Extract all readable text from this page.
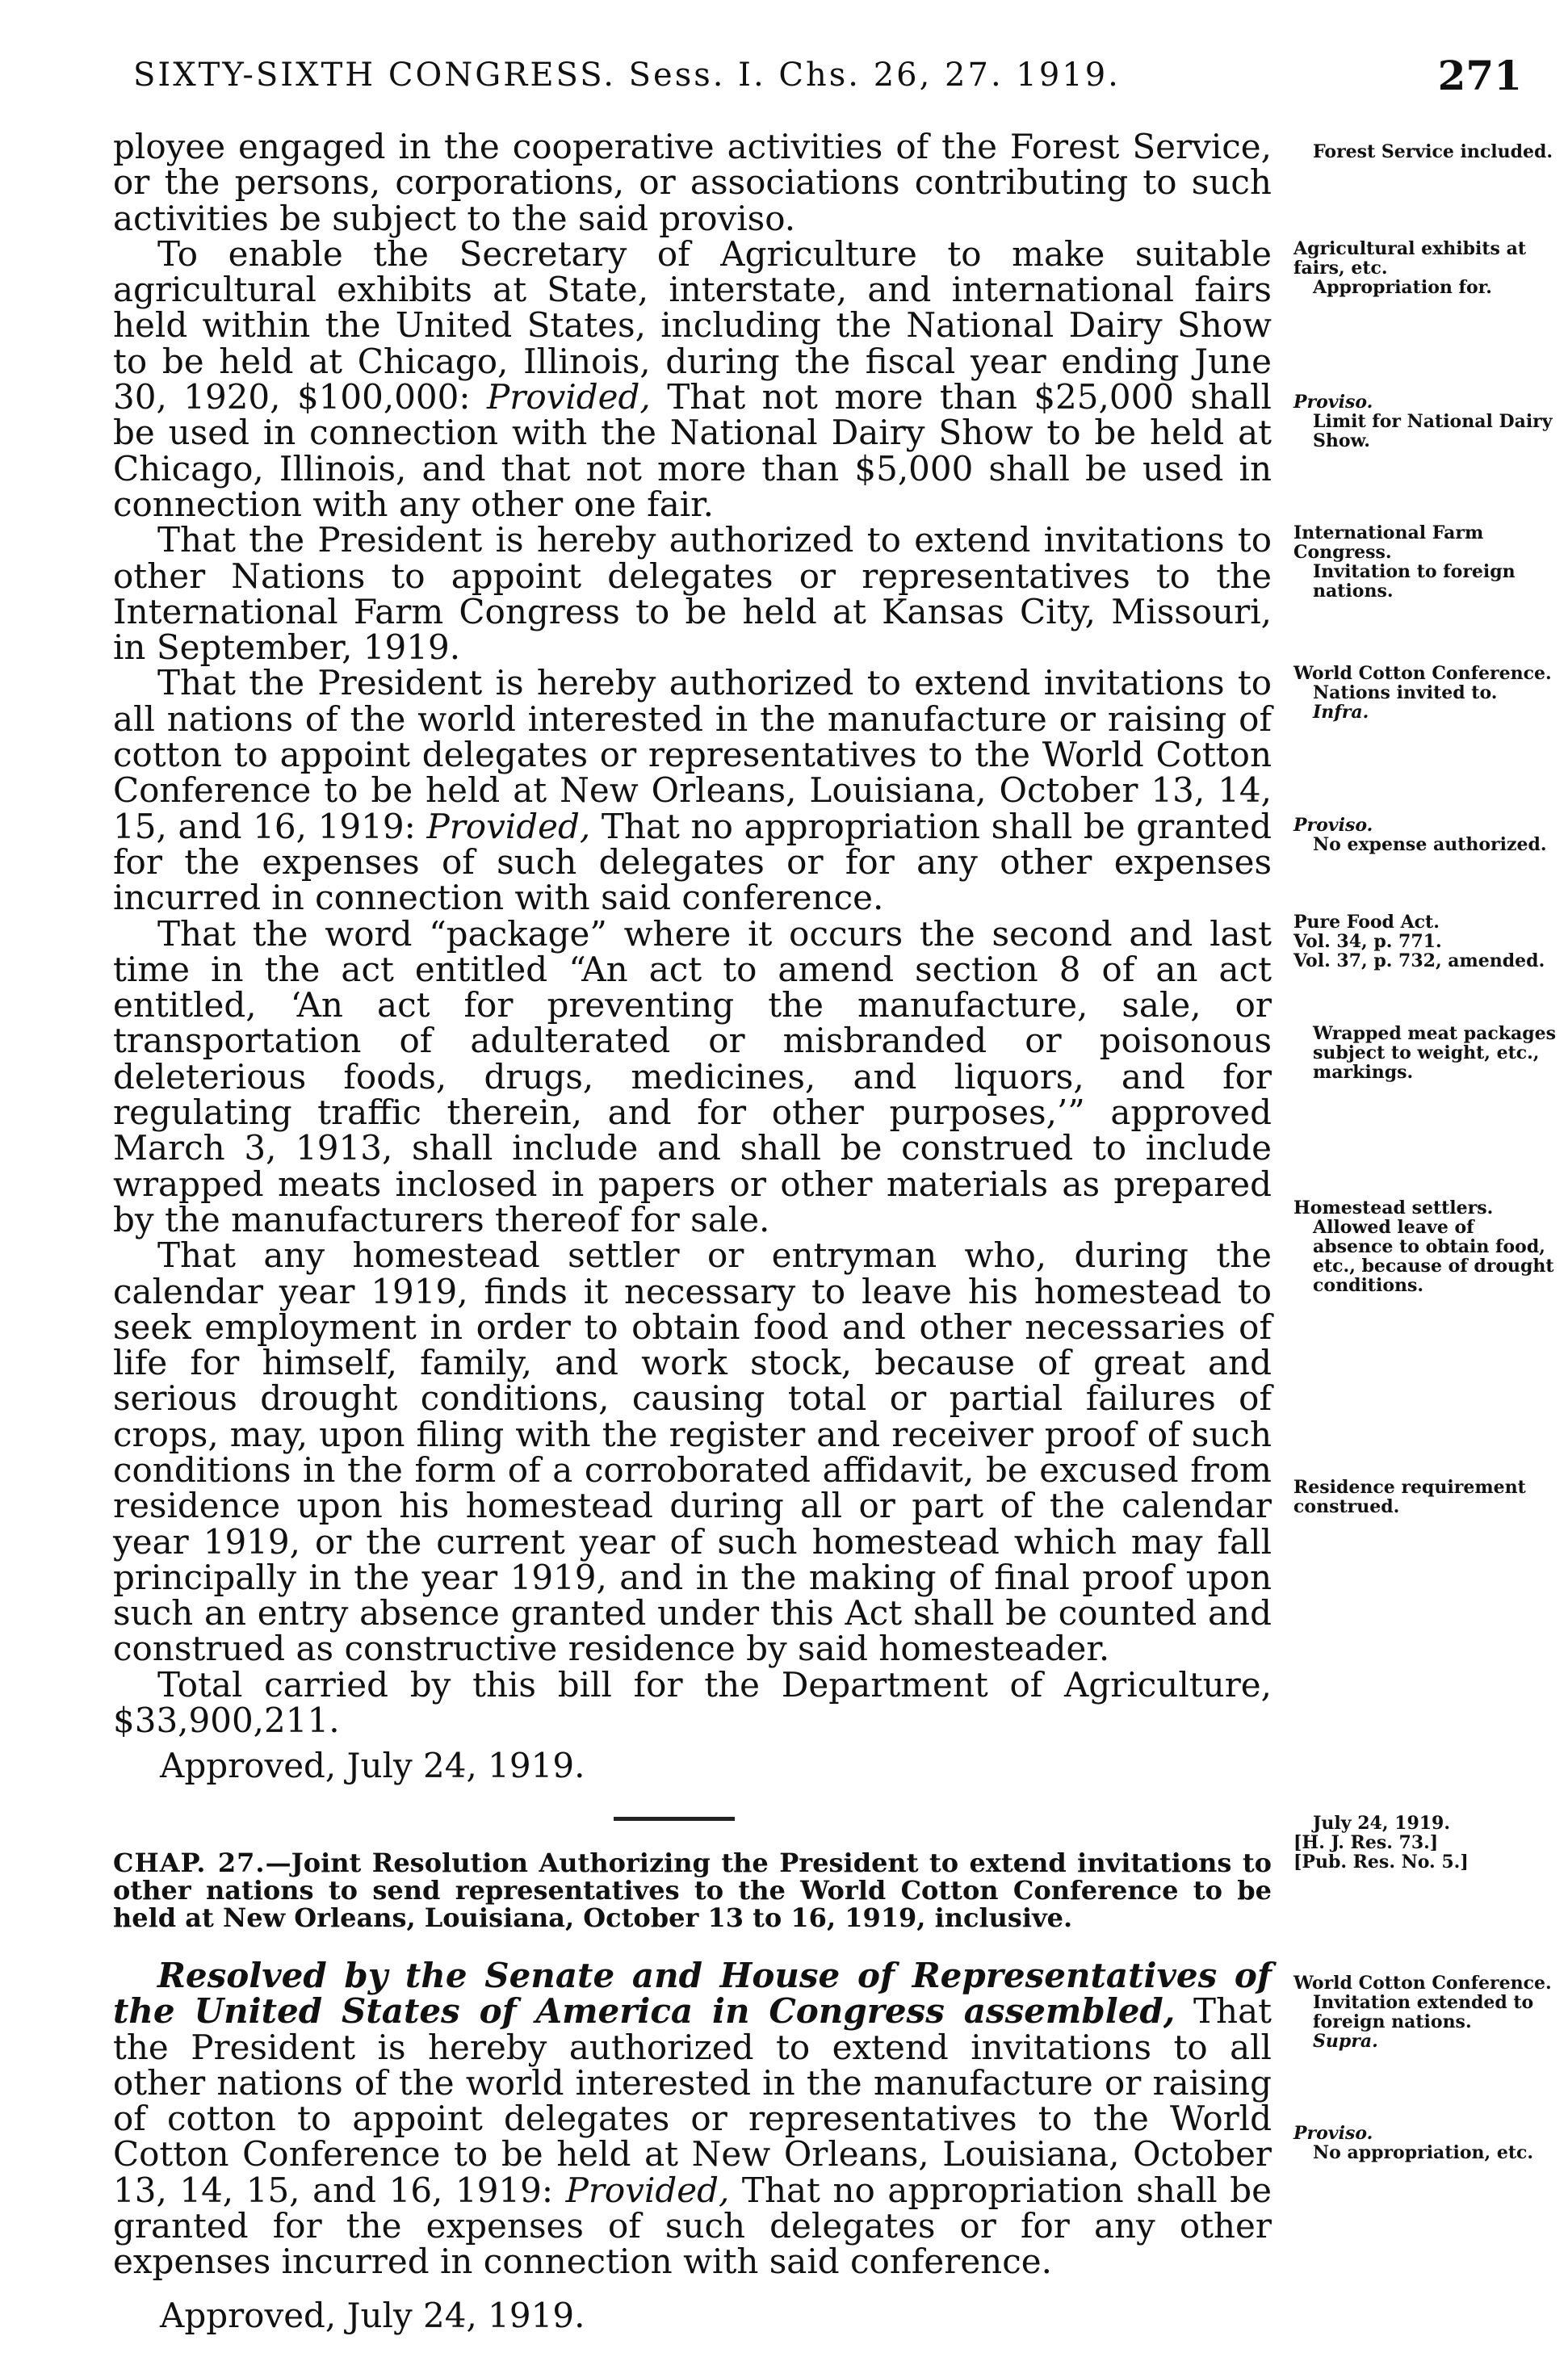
SIXTY-SIXTH CONGRESS. Sess. I. Chs. 26, 27. 1919.	271

ployee engaged in the cooperative activities of the Forest Service, or the persons, corporations, or associations contributing to such activities be subject to the said proviso.

To enable the Secretary of Agriculture to make suitable agricultural exhibits at State, interstate, and international fairs held within the United States, including the National Dairy Show to be held at Chicago, Illinois, during the fiscal year ending June 30, 1920, $100,000: Provided, That not more than $25,000 shall be used in connection with the National Dairy Show to be held at Chicago, Illinois, and that not more than $5,000 shall be used in connection with any other one fair.

That the President is hereby authorized to extend invitations to other Nations to appoint delegates or representatives to the International Farm Congress to be held at Kansas City, Missouri, in September, 1919.

That the President is hereby authorized to extend invitations to all nations of the world interested in the manufacture or raising of cotton to appoint delegates or representatives to the World Cotton Conference to be held at New Orleans, Louisiana, October 13, 14, 15, and 16, 1919: Provided, That no appropriation shall be granted for the expenses of such delegates or for any other expenses incurred in connection with said conference.

That the word “package” where it occurs the second and last time in the act entitled “An act to amend section 8 of an act entitled, ‘An act for preventing the manufacture, sale, or transportation of adulterated or misbranded or poisonous deleterious foods, drugs, medicines, and liquors, and for regulating traffic therein, and for other purposes,’” approved March 3, 1913, shall include and shall be construed to include wrapped meats inclosed in papers or other materials as prepared by the manufacturers thereof for sale.

That any homestead settler or entryman who, during the calendar year 1919, finds it necessary to leave his homestead to seek employment in order to obtain food and other necessaries of life for himself, family, and work stock, because of great and serious drought conditions, causing total or partial failures of crops, may, upon filing with the register and receiver proof of such conditions in the form of a corroborated affidavit, be excused from residence upon his homestead during all or part of the calendar year 1919, or the current year of such homestead which may fall principally in the year 1919, and in the making of final proof upon such an entry absence granted under this Act shall be counted and construed as constructive residence by said homesteader.

Total carried by this bill for the Department of Agriculture, $33,900,211.

Approved, July 24, 1919.

CHAP. 27.—Joint Resolution Authorizing the President to extend invitations to other nations to send representatives to the World Cotton Conference to be held at New Orleans, Louisiana, October 13 to 16, 1919, inclusive.

Resolved by the Senate and House of Representatives of the United States of America in Congress assembled, That the President is hereby authorized to extend invitations to all other nations of the world interested in the manufacture or raising of cotton to appoint delegates or representatives to the World Cotton Conference to be held at New Orleans, Louisiana, October 13, 14, 15, and 16, 1919: Provided, That no appropriation shall be granted for the expenses of such delegates or for any other expenses incurred in connection with said conference.

Approved, July 24, 1919.

Forest Service included.
Agricultural exhibits at fairs, etc.
Appropriation for.
Proviso.
Limit for National Dairy Show.
International Farm Congress.
Invitation to foreign nations.
World Cotton Conference.
Nations invited to.
Infra.
Proviso.
No expense authorized.
Pure Food Act.
Vol. 34, p. 771.
Vol. 37, p. 732, amended.
Wrapped meat packages subject to weight, etc., markings.
Homestead settlers.
Allowed leave of absence to obtain food, etc., because of drought conditions.
Residence requirement construed.
July 24, 1919.
[H. J. Res. 73.]
[Pub. Res. No. 5.]
World Cotton Conference.
Invitation extended to foreign nations.
Supra.
Proviso.
No appropriation, etc.
